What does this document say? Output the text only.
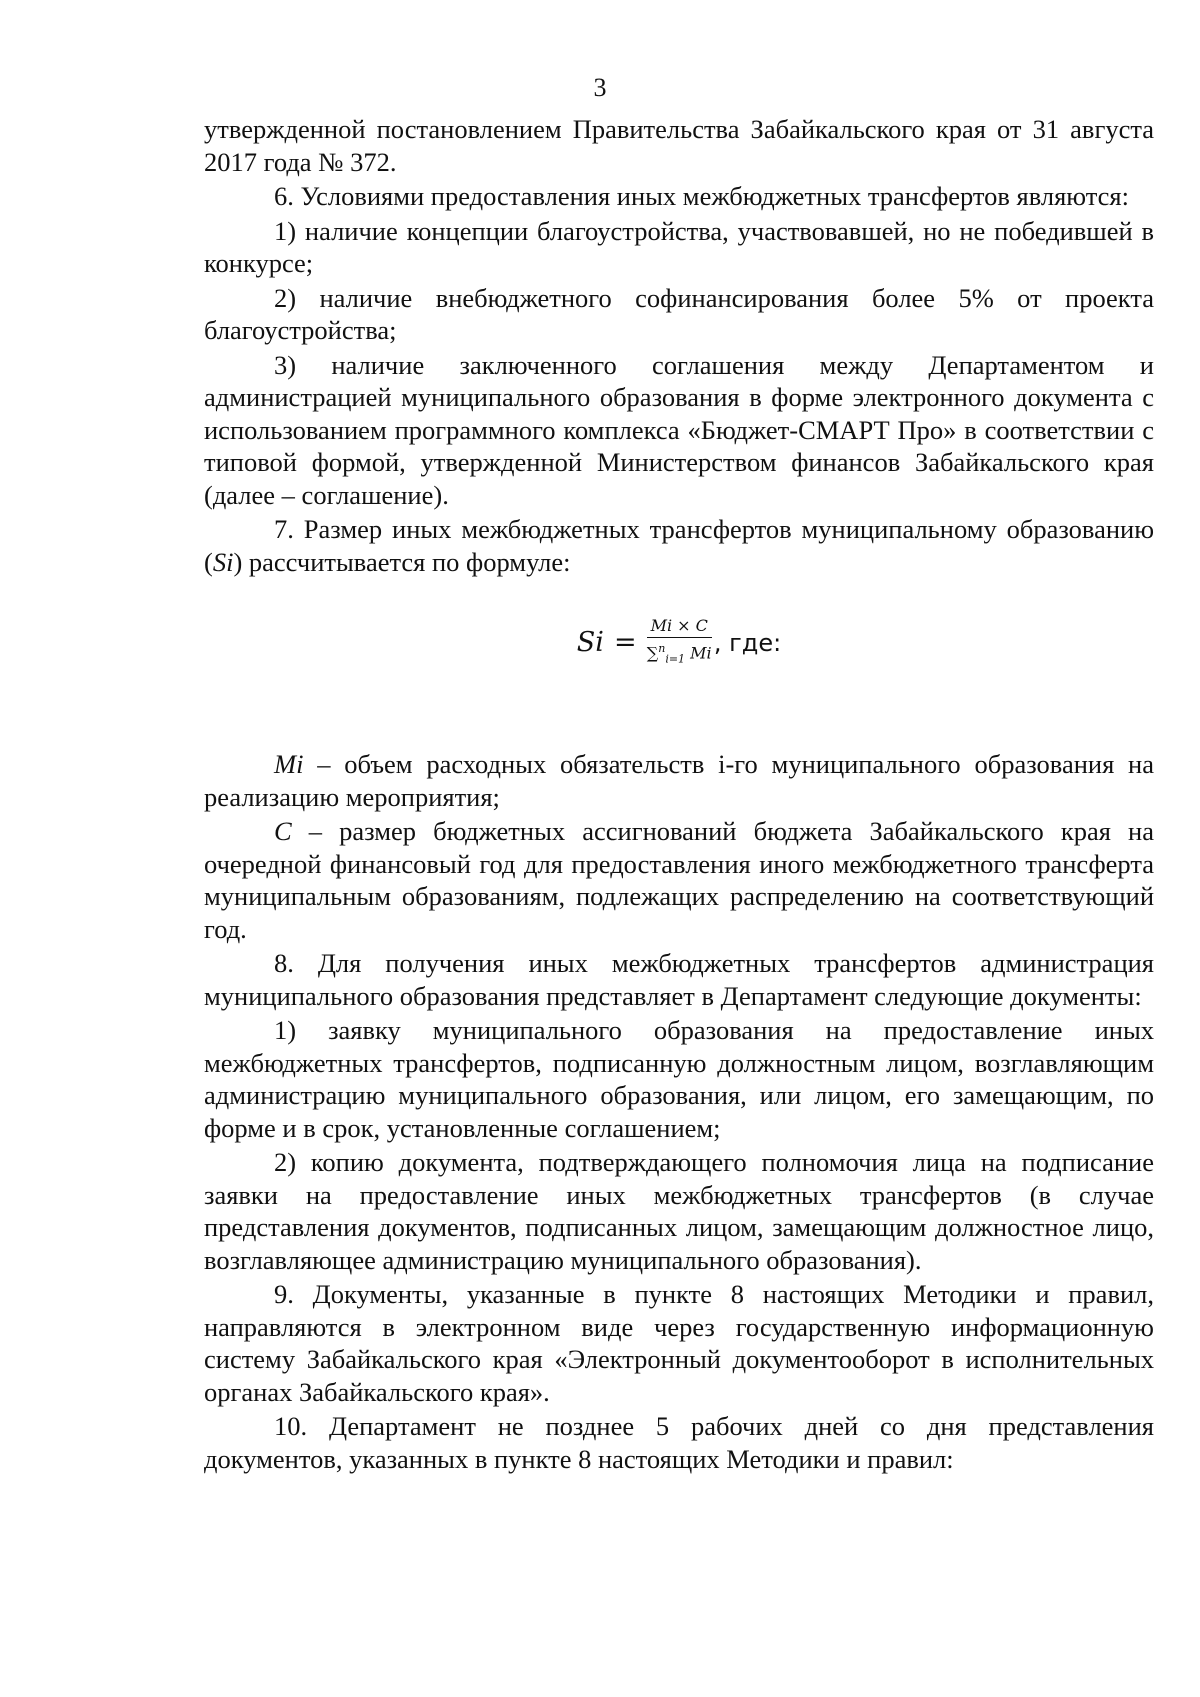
3

утвержденной постановлением Правительства Забайкальского края от 31 августа 2017 года № 372.

6. Условиями предоставления иных межбюджетных трансфертов являются:

1) наличие концепции благоустройства, участвовавшей, но не победившей в конкурсе;

2) наличие внебюджетного софинансирования более 5% от проекта благоустройства;

3) наличие заключенного соглашения между Департаментом и администрацией муниципального образования в форме электронного документа с использованием программного комплекса «Бюджет-СМАРТ Про» в соответствии с типовой формой, утвержденной Министерством финансов Забайкальского края (далее – соглашение).

7. Размер иных межбюджетных трансфертов муниципальному образованию (Si) рассчитывается по формуле:

$Si = \frac{Mi \times C}{\sum^n_{i=1} Mi}$ , где:

Mi – объем расходных обязательств i-го муниципального образования на реализацию мероприятия;

C – размер бюджетных ассигнований бюджета Забайкальского края на очередной финансовый год для предоставления иного межбюджетного трансферта муниципальным образованиям, подлежащих распределению на соответствующий год.

8. Для получения иных межбюджетных трансфертов администрация муниципального образования представляет в Департамент следующие документы:

1) заявку муниципального образования на предоставление иных межбюджетных трансфертов, подписанную должностным лицом, возглавляющим администрацию муниципального образования, или лицом, его замещающим, по форме и в срок, установленные соглашением;

2) копию документа, подтверждающего полномочия лица на подписание заявки на предоставление иных межбюджетных трансфертов (в случае представления документов, подписанных лицом, замещающим должностное лицо, возглавляющее администрацию муниципального образования).

9. Документы, указанные в пункте 8 настоящих Методики и правил, направляются в электронном виде через государственную информационную систему Забайкальского края «Электронный документооборот в исполнительных органах Забайкальского края».

10. Департамент не позднее 5 рабочих дней со дня представления документов, указанных в пункте 8 настоящих Методики и правил:
